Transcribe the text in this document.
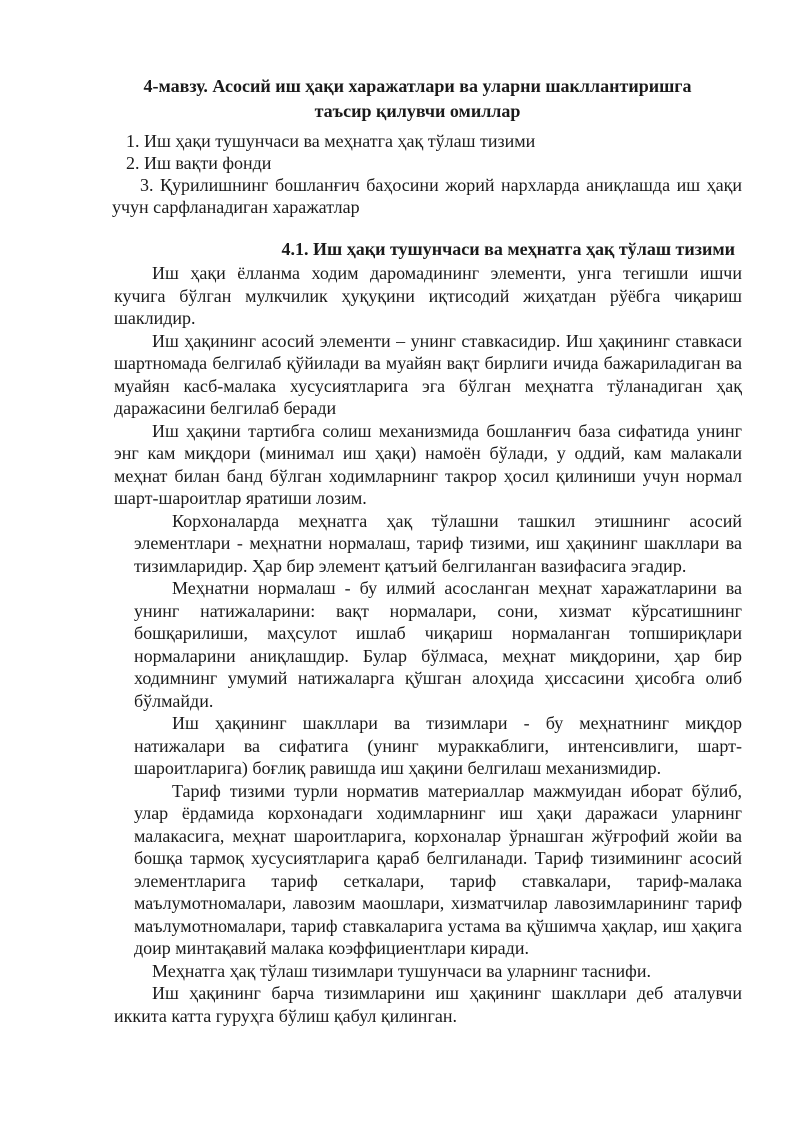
4-мавзу. Асосий иш ҳақи харажатлари ва уларни шакллантиришга
таъсир қилувчи омиллар
1. Иш ҳақи тушунчаси ва меҳнатга ҳақ тўлаш тизими
2. Иш вақти фонди
3. Қурилишнинг бошланғич баҳосини жорий нархларда аниқлашда иш ҳақи учун сарфланадиган харажатлар
4.1. Иш ҳақи тушунчаси ва меҳнатга ҳақ тўлаш тизими

Иш ҳақи ёлланма ходим даромадининг элементи, унга тегишли ишчи кучига бўлган мулкчилик ҳуқуқини иқтисодий жиҳатдан рўёбга чиқариш шаклидир.

Иш ҳақининг асосий элементи – унинг ставкасидир. Иш ҳақининг ставкаси шартномада белгилаб қўйилади ва муайян вақт бирлиги ичида бажариладиган ва муайян касб-малака хусусиятларига эга бўлган меҳнатга тўланадиган ҳақ даражасини белгилаб беради

Иш ҳақини тартибга солиш механизмида бошланғич база сифатида унинг энг кам миқдори (минимал иш ҳақи) намоён бўлади, у оддий, кам малакали меҳнат билан банд бўлган ходимларнинг такрор ҳосил қилиниши учун нормал шарт-шароитлар яратиши лозим.

Корхоналарда меҳнатга ҳақ тўлашни ташкил этишнинг асосий элементлари - меҳнатни нормалаш, тариф тизими, иш ҳақининг шакллари ва тизимларидир. Ҳар бир элемент қатъий белгиланган вазифасига эгадир.

Меҳнатни нормалаш - бу илмий асосланган меҳнат харажатларини ва унинг натижаларини: вақт нормалари, сони, хизмат кўрсатишнинг бошқарилиши, маҳсулот ишлаб чиқариш нормаланган топшириқлари нормаларини аниқлашдир. Булар бўлмаса, меҳнат миқдорини, ҳар бир ходимнинг умумий натижаларга қўшган алоҳида ҳиссасини ҳисобга олиб бўлмайди.

Иш ҳақининг шакллари ва тизимлари - бу меҳнатнинг миқдор натижалари ва сифатига (унинг мураккаблиги, интенсивлиги, шарт-шароитларига) боғлиқ равишда иш ҳақини белгилаш механизмидир.

Тариф тизими турли норматив материаллар мажмуидан иборат бўлиб, улар ёрдамида корхонадаги ходимларнинг иш ҳақи даражаси уларнинг малакасига, меҳнат шароитларига, корхоналар ўрнашган жўғрофий жойи ва бошқа тармоқ хусусиятларига қараб белгиланади. Тариф тизимининг асосий элементларига тариф сеткалари, тариф ставкалари, тариф-малака маълумотномалари, лавозим маошлари, хизматчилар лавозимларининг тариф маълумотномалари, тариф ставкаларига устама ва қўшимча ҳақлар, иш ҳақига доир минтақавий малака коэффициентлари киради.

Меҳнатга ҳақ тўлаш тизимлари тушунчаси ва уларнинг таснифи.

Иш ҳақининг барча тизимларини иш ҳақининг шакллари деб аталувчи иккита катта гуруҳга бўлиш қабул қилинган.
